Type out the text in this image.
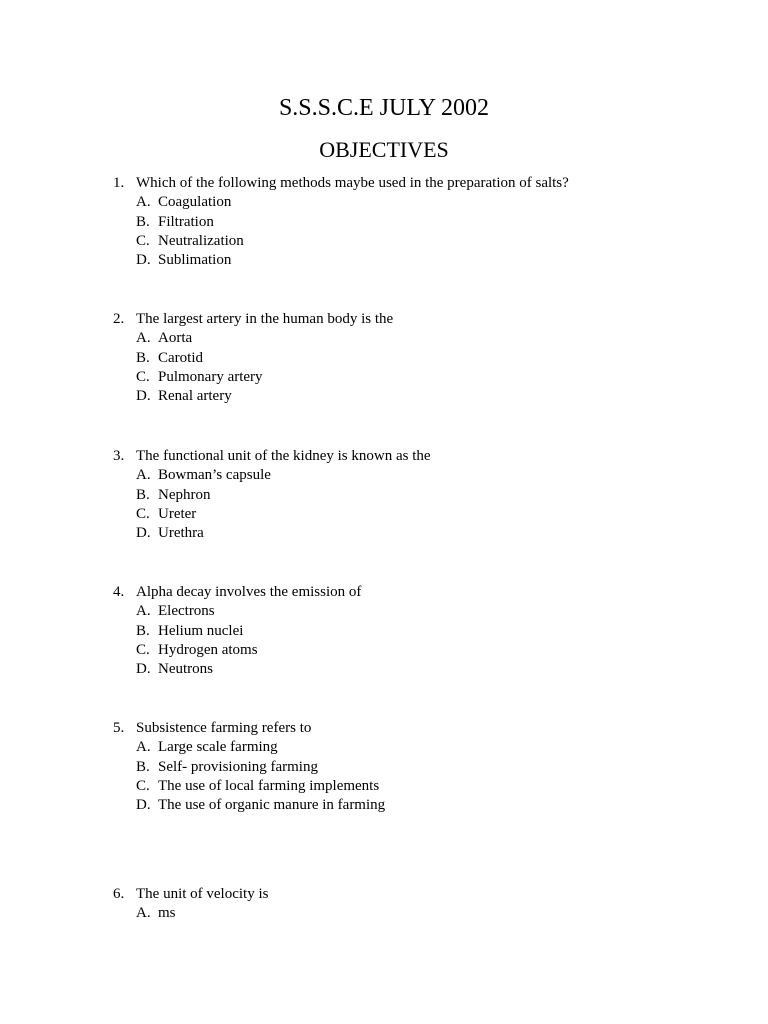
S.S.S.C.E JULY 2002
OBJECTIVES
1. Which of the following methods maybe used in the preparation of salts?
A. Coagulation
B. Filtration
C. Neutralization
D. Sublimation
2. The largest artery in the human body is the
A. Aorta
B. Carotid
C. Pulmonary artery
D. Renal artery
3. The functional unit of the kidney is known as the
A. Bowman’s capsule
B. Nephron
C. Ureter
D. Urethra
4. Alpha decay involves the emission of
A. Electrons
B. Helium nuclei
C. Hydrogen atoms
D. Neutrons
5. Subsistence farming refers to
A. Large scale farming
B. Self- provisioning farming
C. The use of local farming implements
D. The use of organic manure in farming
6. The unit of velocity is
A. ms
